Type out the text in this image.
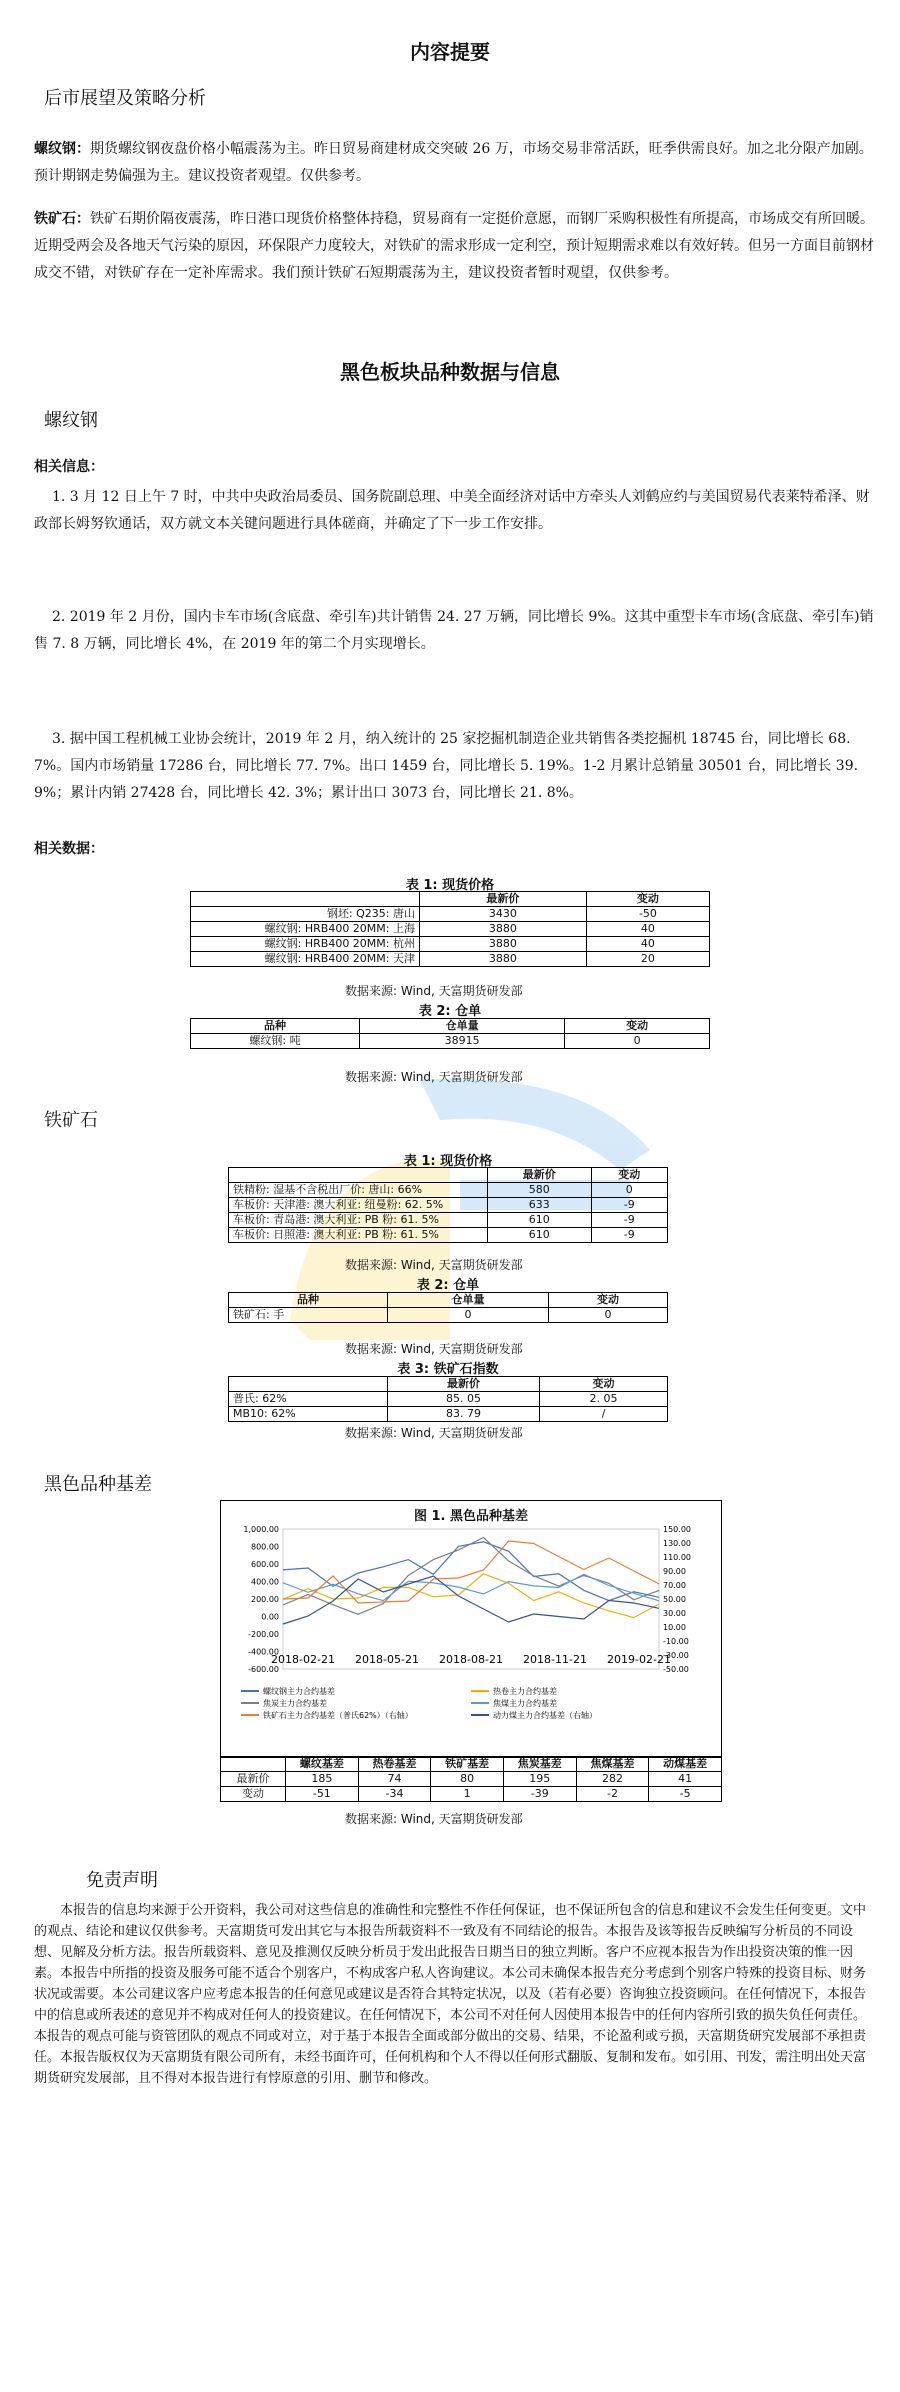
内容提要
后市展望及策略分析
螺纹钢：期货螺纹钢夜盘价格小幅震荡为主。昨日贸易商建材成交突破 26 万，市场交易非常活跃，旺季供需良好。加之北分限产加剧。预计期钢走势偏强为主。建议投资者观望。仅供参考。
铁矿石：铁矿石期价隔夜震荡，昨日港口现货价格整体持稳，贸易商有一定挺价意愿，而钢厂采购积极性有所提高，市场成交有所回暖。近期受两会及各地天气污染的原因，环保限产力度较大，对铁矿的需求形成一定利空，预计短期需求难以有效好转。但另一方面目前钢材成交不错，对铁矿存在一定补库需求。我们预计铁矿石短期震荡为主，建议投资者暂时观望，仅供参考。
黑色板块品种数据与信息
螺纹钢
相关信息：
1. 3 月 12 日上午 7 时，中共中央政治局委员、国务院副总理、中美全面经济对话中方牵头人刘鹤应约与美国贸易代表莱特希泽、财政部长姆努钦通话，双方就文本关键问题进行具体磋商，并确定了下一步工作安排。
2. 2019 年 2 月份，国内卡车市场(含底盘、牵引车)共计销售 24. 27 万辆，同比增长 9%。这其中重型卡车市场(含底盘、牵引车)销售 7. 8 万辆，同比增长 4%，在 2019 年的第二个月实现增长。
3. 据中国工程机械工业协会统计，2019 年 2 月，纳入统计的 25 家挖掘机制造企业共销售各类挖掘机 18745 台，同比增长 68. 7%。国内市场销量 17286 台，同比增长 77. 7%。出口 1459 台，同比增长 5. 19%。1-2 月累计总销量 30501 台，同比增长 39. 9%；累计内销 27428 台，同比增长 42. 3%；累计出口 3073 台，同比增长 21. 8%。
相关数据：
表 1: 现货价格
	最新价	变动
钢坯: Q235: 唐山	3430	-50
螺纹钢: HRB400 20MM: 上海	3880	40
螺纹钢: HRB400 20MM: 杭州	3880	40
螺纹钢: HRB400 20MM: 天津	3880	20
数据来源: Wind, 天富期货研发部
表 2: 仓单
品种	仓单量	变动
螺纹钢: 吨	38915	0
数据来源: Wind, 天富期货研发部
铁矿石
表 1: 现货价格
	最新价	变动
铁精粉: 湿基不含税出厂价: 唐山: 66%	580	0
车板价: 天津港: 澳大利亚: 纽曼粉: 62. 5%	633	-9
车板价: 青岛港: 澳大利亚: PB 粉: 61. 5%	610	-9
车板价: 日照港: 澳大利亚: PB 粉: 61. 5%	610	-9
数据来源: Wind, 天富期货研发部
表 2: 仓单
品种	仓单量	变动
铁矿石: 手	0	0
数据来源: Wind, 天富期货研发部
表 3: 铁矿石指数
	最新价	变动
普氏: 62%	85. 05	2. 05
MB10: 62%	83. 79	/
数据来源: Wind, 天富期货研发部
黑色品种基差
图 1. 黑色品种基差
1,000.00
800.00
600.00
400.00
200.00
0.00
-200.00
-400.00
-600.00
150.00
130.00
110.00
90.00
70.00
50.00
30.00
10.00
-10.00
-30.00
-50.00
2018-02-21 2018-05-21 2018-08-21 2018-11-21 2019-02-21
螺纹钢主力合约基差	热卷主力合约基差
焦炭主力合约基差	焦煤主力合约基差
铁矿石主力合约基差（普氏62%）（右轴）	动力煤主力合约基差（右轴）
	螺纹基差	热卷基差	铁矿基差	焦炭基差	焦煤基差	动煤基差
最新价	185	74	80	195	282	41
变动	-51	-34	1	-39	-2	-5
数据来源: Wind, 天富期货研发部
免责声明
本报告的信息均来源于公开资料，我公司对这些信息的准确性和完整性不作任何保证，也不保证所包含的信息和建议不会发生任何变更。文中的观点、结论和建议仅供参考。天富期货可发出其它与本报告所载资料不一致及有不同结论的报告。本报告及该等报告反映编写分析员的不同设想、见解及分析方法。报告所载资料、意见及推测仅反映分析员于发出此报告日期当日的独立判断。客户不应视本报告为作出投资决策的惟一因素。本报告中所指的投资及服务可能不适合个别客户，不构成客户私人咨询建议。本公司未确保本报告充分考虑到个别客户特殊的投资目标、财务状况或需要。本公司建议客户应考虑本报告的任何意见或建议是否符合其特定状况，以及（若有必要）咨询独立投资顾问。在任何情况下，本报告中的信息或所表述的意见并不构成对任何人的投资建议。在任何情况下，本公司不对任何人因使用本报告中的任何内容所引致的损失负任何责任。本报告的观点可能与资管团队的观点不同或对立，对于基于本报告全面或部分做出的交易、结果，不论盈利或亏损，天富期货研究发展部不承担责任。本报告版权仅为天富期货有限公司所有，未经书面许可，任何机构和个人不得以任何形式翻版、复制和发布。如引用、刊发，需注明出处天富期货研究发展部，且不得对本报告进行有悖原意的引用、删节和修改。
